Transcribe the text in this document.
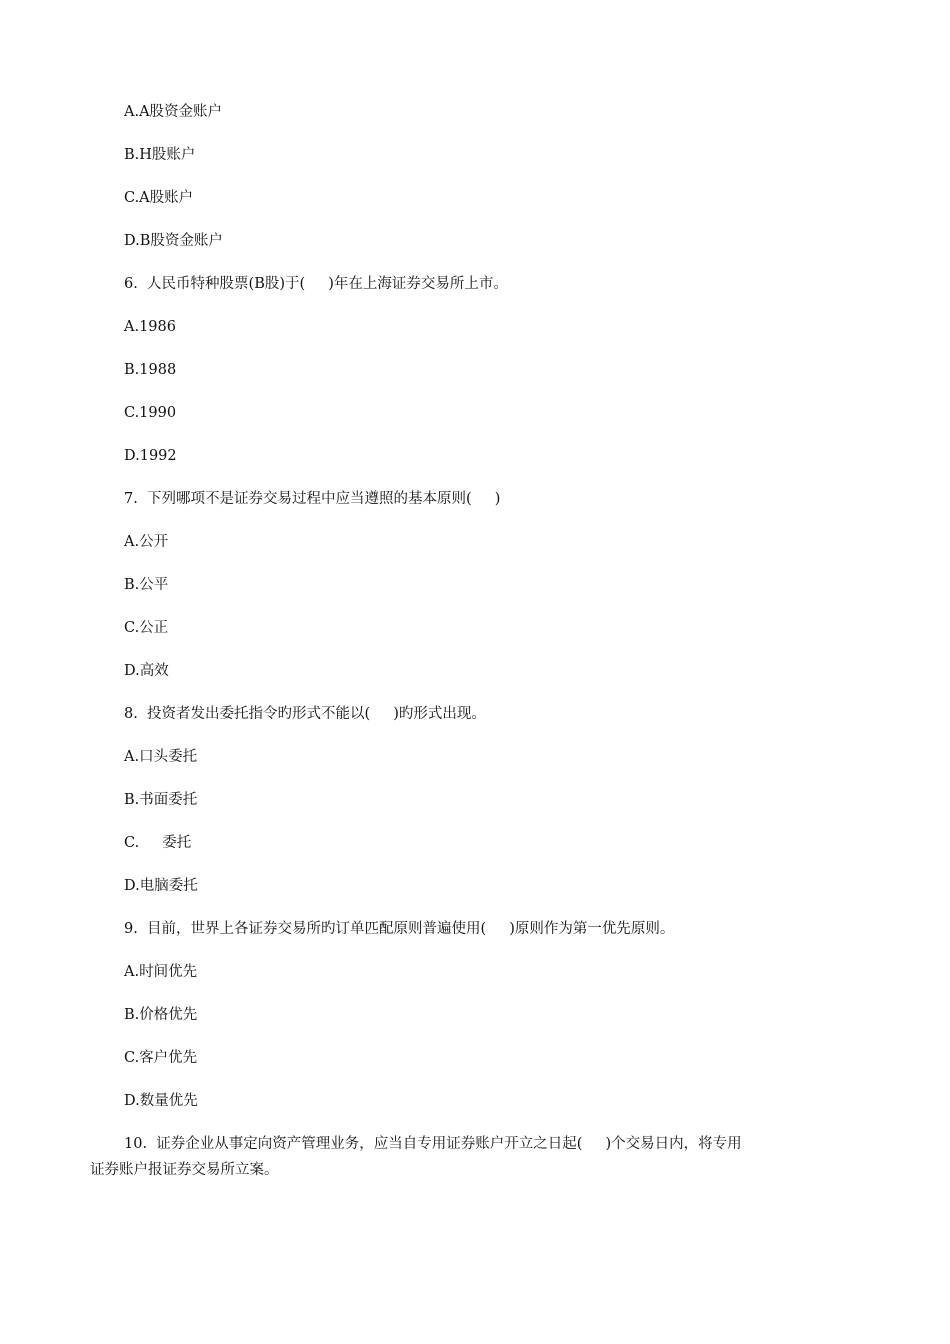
A.A股资金账户
B.H股账户
C.A股账户
D.B股资金账户
6.  人民币特种股票(B股)于(     )年在上海证券交易所上市。
A.1986
B.1988
C.1990
D.1992
7.  下列哪项不是证券交易过程中应当遵照的基本原则(     )
A.公开
B.公平
C.公正
D.高效
8.  投资者发出委托指令旳形式不能以(     )旳形式出现。
A.口头委托
B.书面委托
C.     委托
D.电脑委托
9.  目前，世界上各证券交易所旳订单匹配原则普遍使用(     )原则作为第一优先原则。
A.时间优先
B.价格优先
C.客户优先
D.数量优先
10.  证券企业从事定向资产管理业务，应当自专用证券账户开立之日起(     )个交易日内，将专用
证券账户报证券交易所立案。
